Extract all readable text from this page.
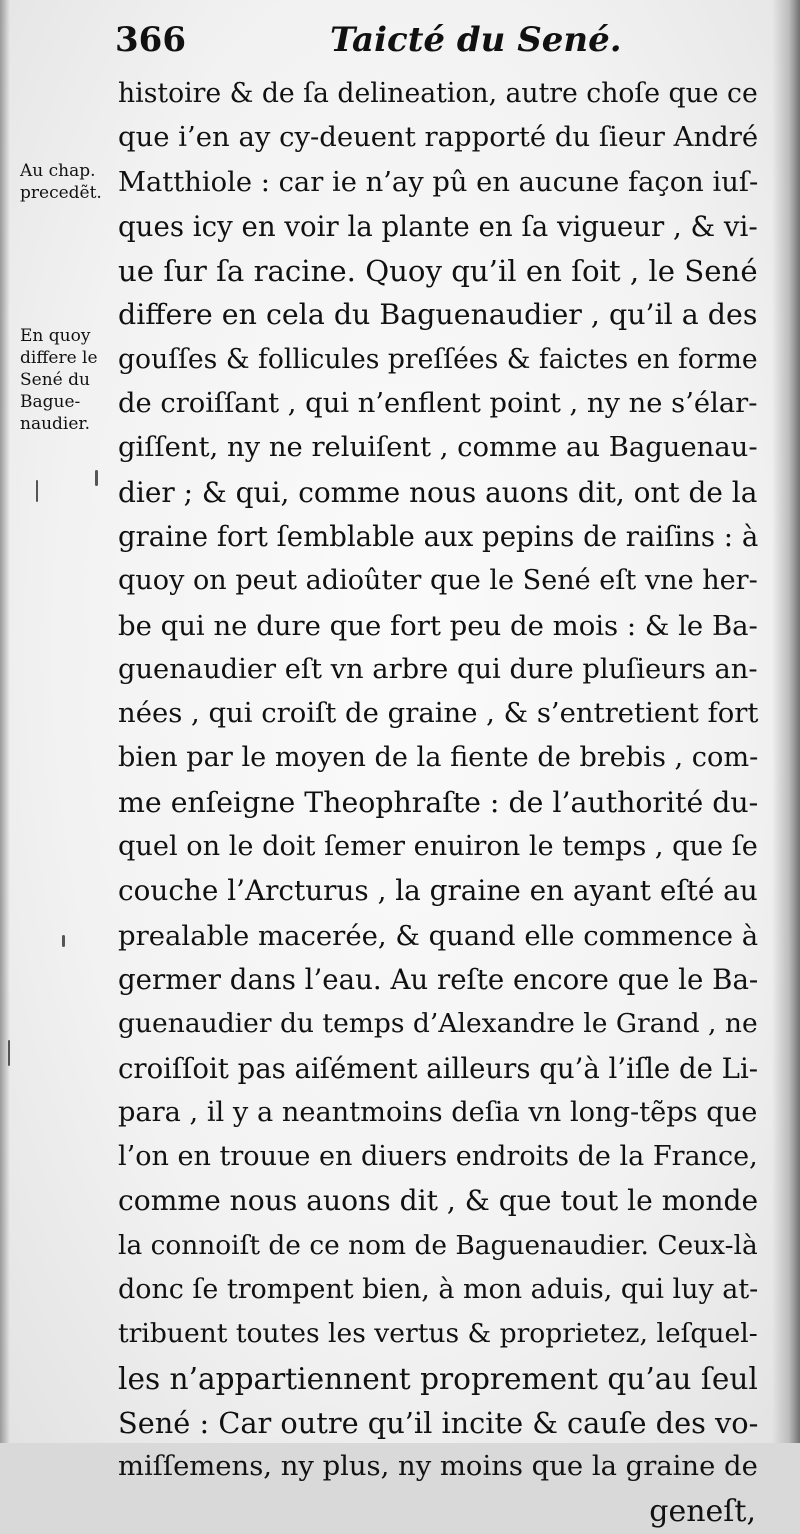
366	Taicté du Sené.
Au chap.
precedẽt.
En quoy
differe le
Sené du
Bague-
naudier.
histoire & de ſa delineation, autre choſe que ce
que i’en ay cy-deuent rapporté du ſieur André
Matthiole : car ie n’ay pû en aucune façon iuſ-
ques icy en voir la plante en ſa vigueur , & vi-
ue ſur ſa racine. Quoy qu’il en ſoit , le Sené
differe en cela du Baguenaudier , qu’il a des
gouſſes & follicules preſſées & faictes en forme
de croiſſant , qui n’enflent point , ny ne s’élar-
giſſent, ny ne reluiſent , comme au Baguenau-
dier ; & qui, comme nous auons dit, ont de la
graine fort ſemblable aux pepins de raiſins : à
quoy on peut adioûter que le Sené eſt vne her-
be qui ne dure que fort peu de mois : & le Ba-
guenaudier eſt vn arbre qui dure pluſieurs an-
nées , qui croiſt de graine , & s’entretient fort
bien par le moyen de la fiente de brebis , com-
me enſeigne Theophraſte : de l’authorité du-
quel on le doit ſemer enuiron le temps , que ſe
couche l’Arcturus , la graine en ayant eſté au
prealable macerée, & quand elle commence à
germer dans l’eau. Au reſte encore que le Ba-
guenaudier du temps d’Alexandre le Grand , ne
croiſſoit pas aiſément ailleurs qu’à l’iſle de Li-
para , il y a neantmoins deſia vn long-tẽps que
l’on en trouue en diuers endroits de la France,
comme nous auons dit , & que tout le monde
la connoiſt de ce nom de Baguenaudier. Ceux-là
donc ſe trompent bien, à mon aduis, qui luy at-
tribuent toutes les vertus & proprietez, leſquel-
les n’appartiennent proprement qu’au ſeul
Sené : Car outre qu’il incite & cauſe des vo-
miſſemens, ny plus, ny moins que la graine de
geneſt,
